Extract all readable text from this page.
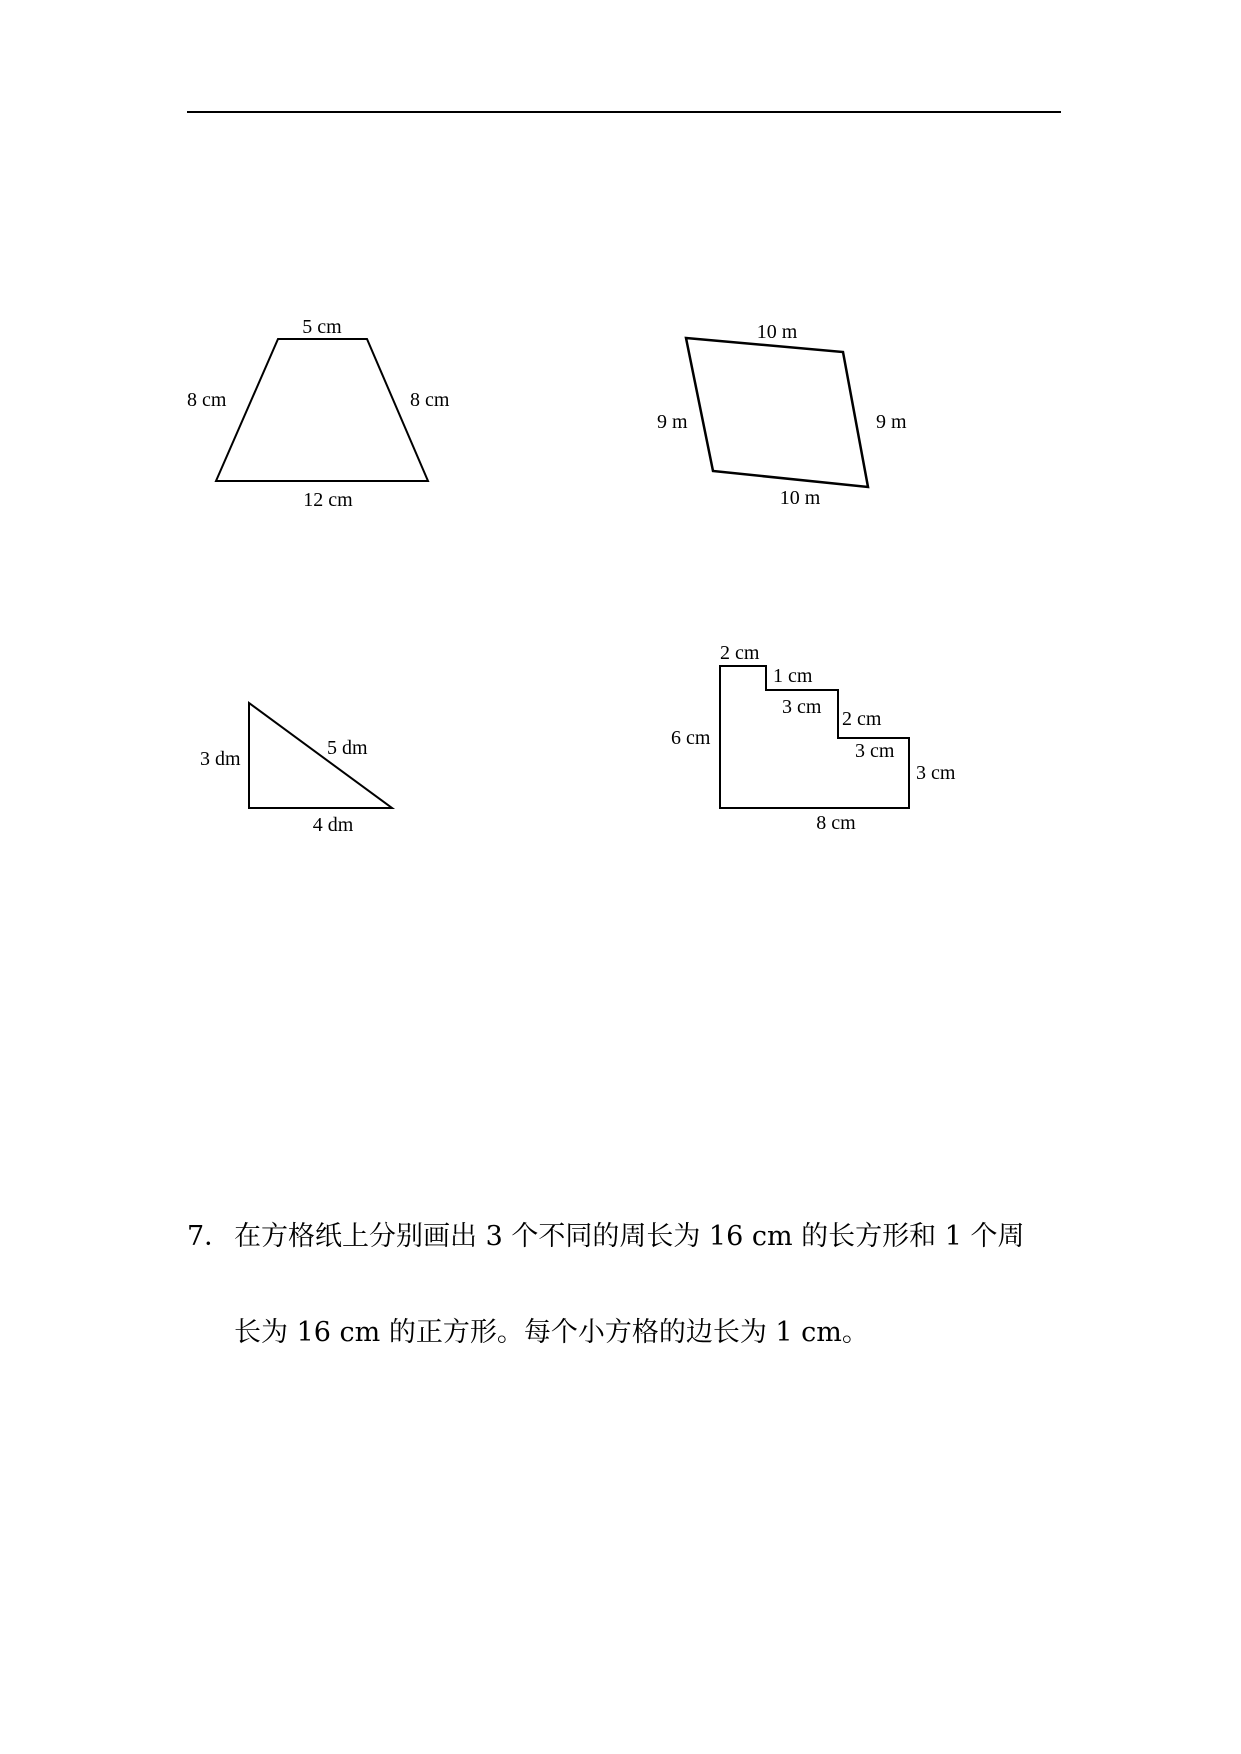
5 cm
8 cm	8 cm
12 cm
10 m
9 m	9 m
10 m
3 dm	5 dm
4 dm
2 cm
1 cm
3 cm
2 cm
3 cm
3 cm
6 cm
8 cm
7． 在方格纸上分别画出 3 个不同的周长为 16 cm 的长方形和 1 个周
长为 16 cm 的正方形。每个小方格的边长为 1 cm。
